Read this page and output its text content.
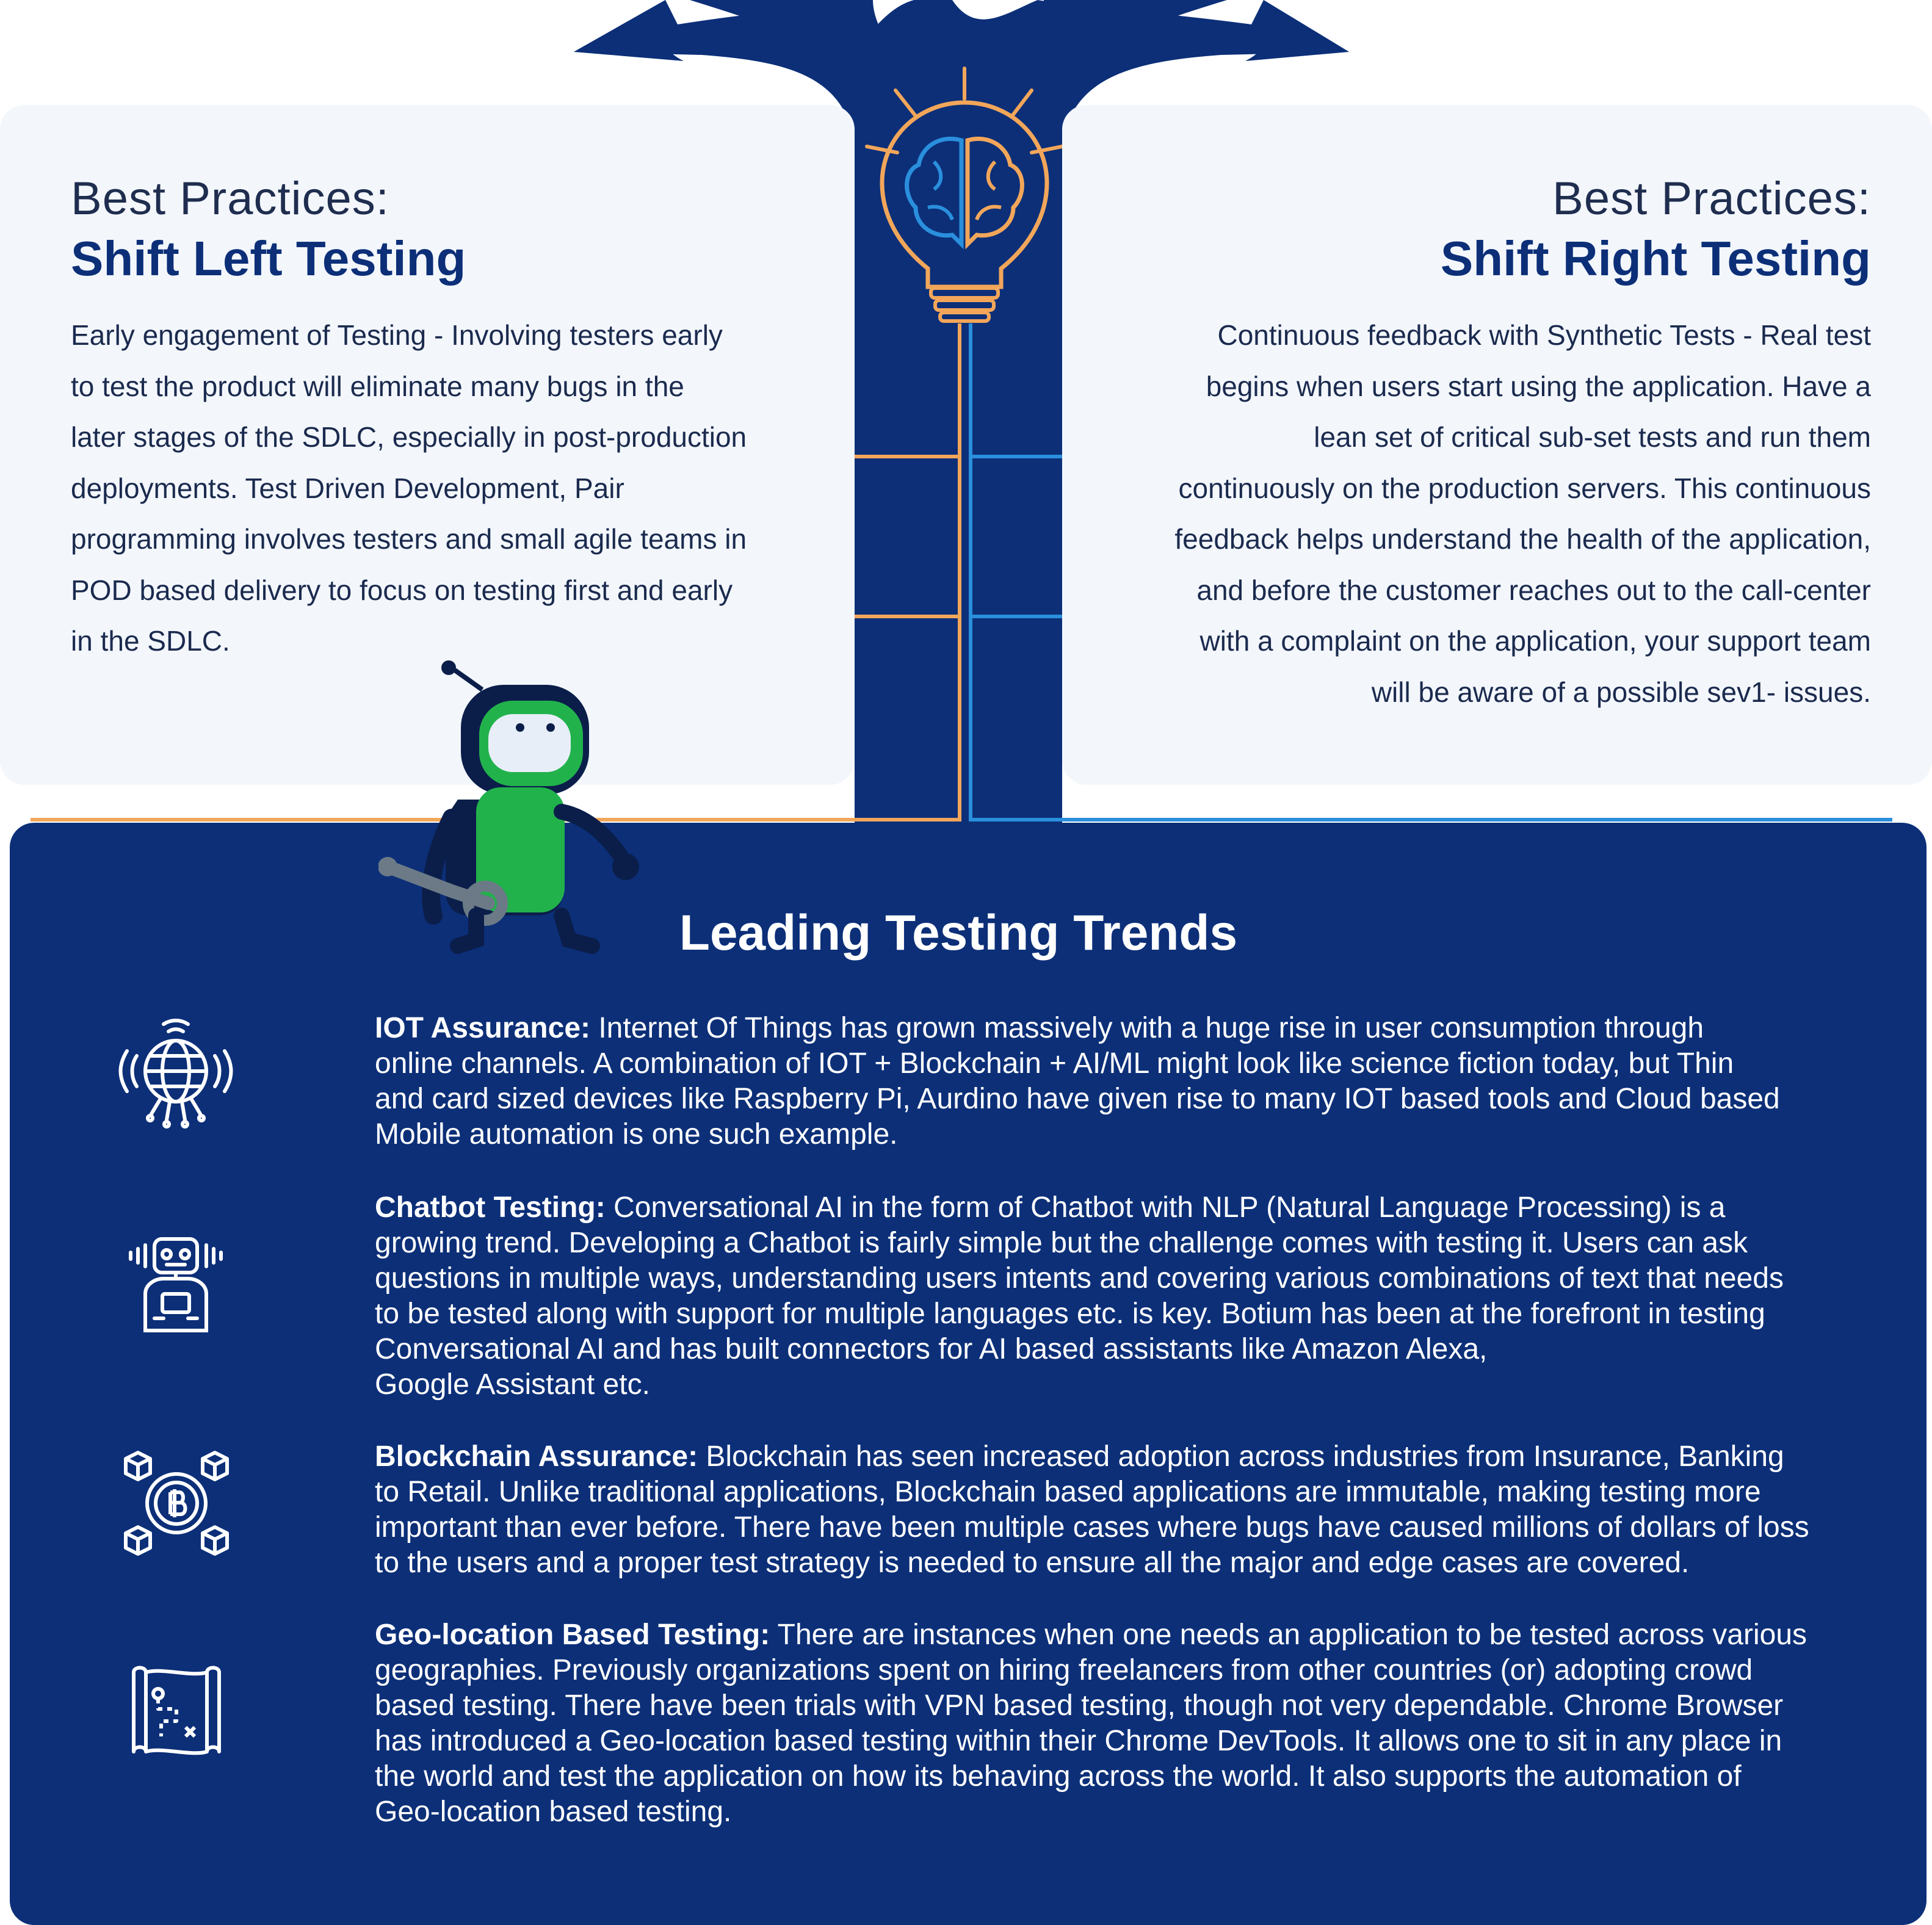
Best Practices:
Shift Left Testing
Early engagement of Testing - Involving testers early
to test the product will eliminate many bugs in the
later stages of the SDLC, especially in post-production
deployments. Test Driven Development, Pair
programming involves testers and small agile teams in
POD based delivery to focus on testing first and early
in the SDLC.
Best Practices:
Shift Right Testing
Continuous feedback with Synthetic Tests - Real test
begins when users start using the application. Have a
lean set of critical sub-set tests and run them
continuously on the production servers. This continuous
feedback helps understand the health of the application,
and before the customer reaches out to the call-center
with a complaint on the application, your support team
will be aware of a possible sev1- issues.
Leading Testing Trends
IOT Assurance: Internet Of Things has grown massively with a huge rise in user consumption through
online channels. A combination of IOT + Blockchain + AI/ML might look like science fiction today, but Thin
and card sized devices like Raspberry Pi, Aurdino have given rise to many IOT based tools and Cloud based
Mobile automation is one such example.
Chatbot Testing: Conversational AI in the form of Chatbot with NLP (Natural Language Processing) is a
growing trend. Developing a Chatbot is fairly simple but the challenge comes with testing it. Users can ask
questions in multiple ways, understanding users intents and covering various combinations of text that needs
to be tested along with support for multiple languages etc. is key. Botium has been at the forefront in testing
Conversational AI and has built connectors for AI based assistants like Amazon Alexa,
Google Assistant etc.
Blockchain Assurance: Blockchain has seen increased adoption across industries from Insurance, Banking
to Retail. Unlike traditional applications, Blockchain based applications are immutable, making testing more
important than ever before. There have been multiple cases where bugs have caused millions of dollars of loss
to the users and a proper test strategy is needed to ensure all the major and edge cases are covered.
Geo-location Based Testing: There are instances when one needs an application to be tested across various
geographies. Previously organizations spent on hiring freelancers from other countries (or) adopting crowd
based testing. There have been trials with VPN based testing, though not very dependable. Chrome Browser
has introduced a Geo-location based testing within their Chrome DevTools. It allows one to sit in any place in
the world and test the application on how its behaving across the world. It also supports the automation of
Geo-location based testing.
